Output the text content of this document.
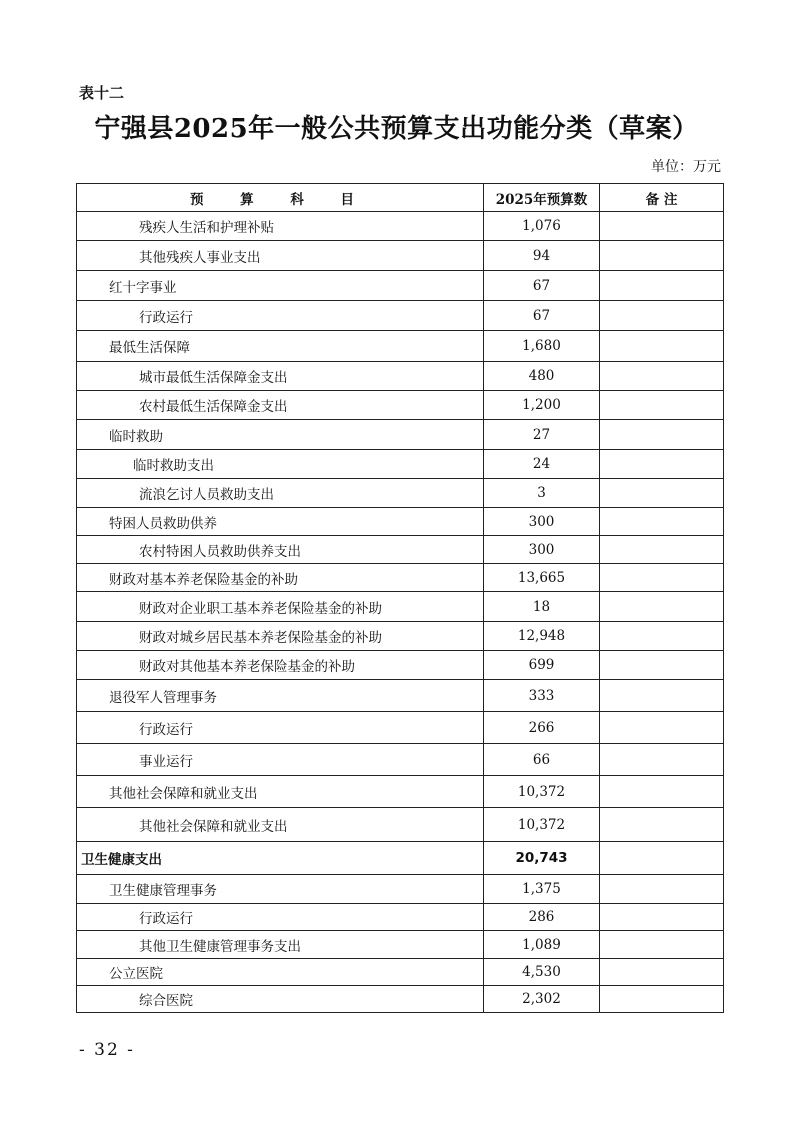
表十二
宁强县2025年一般公共预算支出功能分类（草案）
单位：万元
预 算 科 目	2025年预算数	备 注
残疾人生活和护理补贴	1,076	
其他残疾人事业支出	94	
红十字事业	67	
行政运行	67	
最低生活保障	1,680	
城市最低生活保障金支出	480	
农村最低生活保障金支出	1,200	
临时救助	27	
临时救助支出	24	
流浪乞讨人员救助支出	3	
特困人员救助供养	300	
农村特困人员救助供养支出	300	
财政对基本养老保险基金的补助	13,665	
财政对企业职工基本养老保险基金的补助	18	
财政对城乡居民基本养老保险基金的补助	12,948	
财政对其他基本养老保险基金的补助	699	
退役军人管理事务	333	
行政运行	266	
事业运行	66	
其他社会保障和就业支出	10,372	
其他社会保障和就业支出	10,372	
卫生健康支出	20,743	
卫生健康管理事务	1,375	
行政运行	286	
其他卫生健康管理事务支出	1,089	
公立医院	4,530	
综合医院	2,302	
- 32 -
